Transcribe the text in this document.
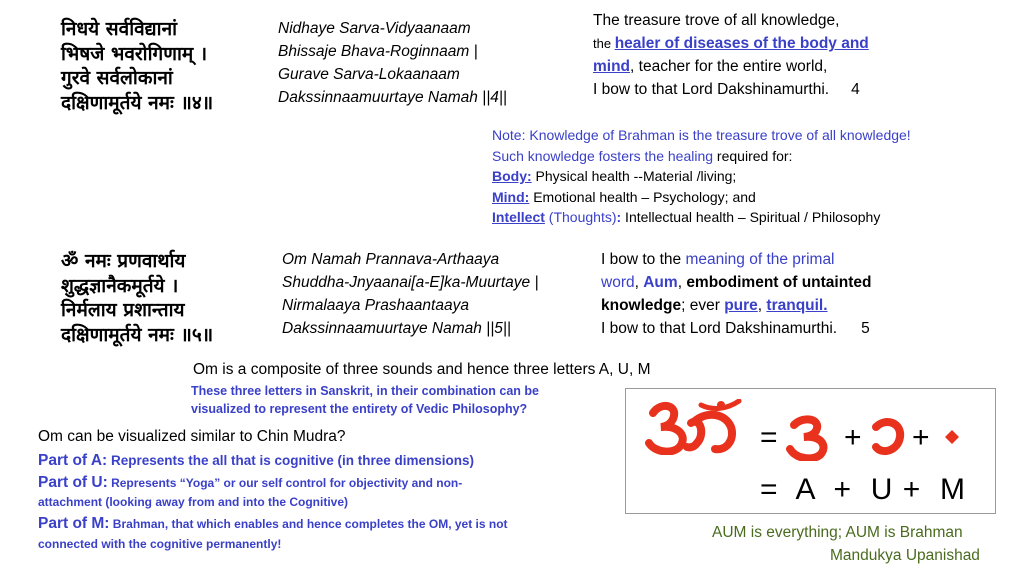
निधये सर्वविद्यानां
भिषजे भवरोगिणाम् ।
गुरवे सर्वलोकानां
दक्षिणामूर्तये नमः ॥४॥
Nidhaye Sarva-Vidyaanaam
Bhissaje Bhava-Roginnaam |
Gurave Sarva-Lokaanaam
Dakssinnaamuurtaye Namah ||4||
The treasure trove of all knowledge,
the healer of diseases of the body and
mind, teacher for the entire world,
I bow to that Lord Dakshinamurthi. 4
Note: Knowledge of Brahman is the treasure trove of all knowledge!
Such knowledge fosters the healing required for:
Body: Physical health --Material /living;
Mind: Emotional health – Psychology; and
Intellect (Thoughts): Intellectual health – Spiritual / Philosophy
ॐ नमः प्रणवार्थाय
शुद्धज्ञानैकमूर्तये ।
निर्मलाय प्रशान्ताय
दक्षिणामूर्तये नमः ॥५॥
Om Namah Prannava-Arthaaya
Shuddha-Jnyaanai[a-E]ka-Muurtaye |
Nirmalaaya Prashaantaaya
Dakssinnaamuurtaye Namah ||5||
I bow to the meaning of the primal
word, Aum, embodiment of untainted
knowledge; ever pure, tranquil.
I bow to that Lord Dakshinamurthi. 5
Om is a composite of three sounds and hence three letters A, U, M
These three letters in Sanskrit, in their combination can be
visualized to represent the entirety of Vedic Philosophy?
Om can be visualized similar to Chin Mudra?
Part of A: Represents the all that is cognitive (in three dimensions)
Part of U: Represents “Yoga” or our self control for objectivity and non-
attachment (looking away from and into the Cognitive)
Part of M: Brahman, that which enables and hence completes the OM, yet is not
connected with the cognitive permanently!
= + +
=  A  +  U +  M
AUM is everything; AUM is Brahman
Mandukya Upanishad
